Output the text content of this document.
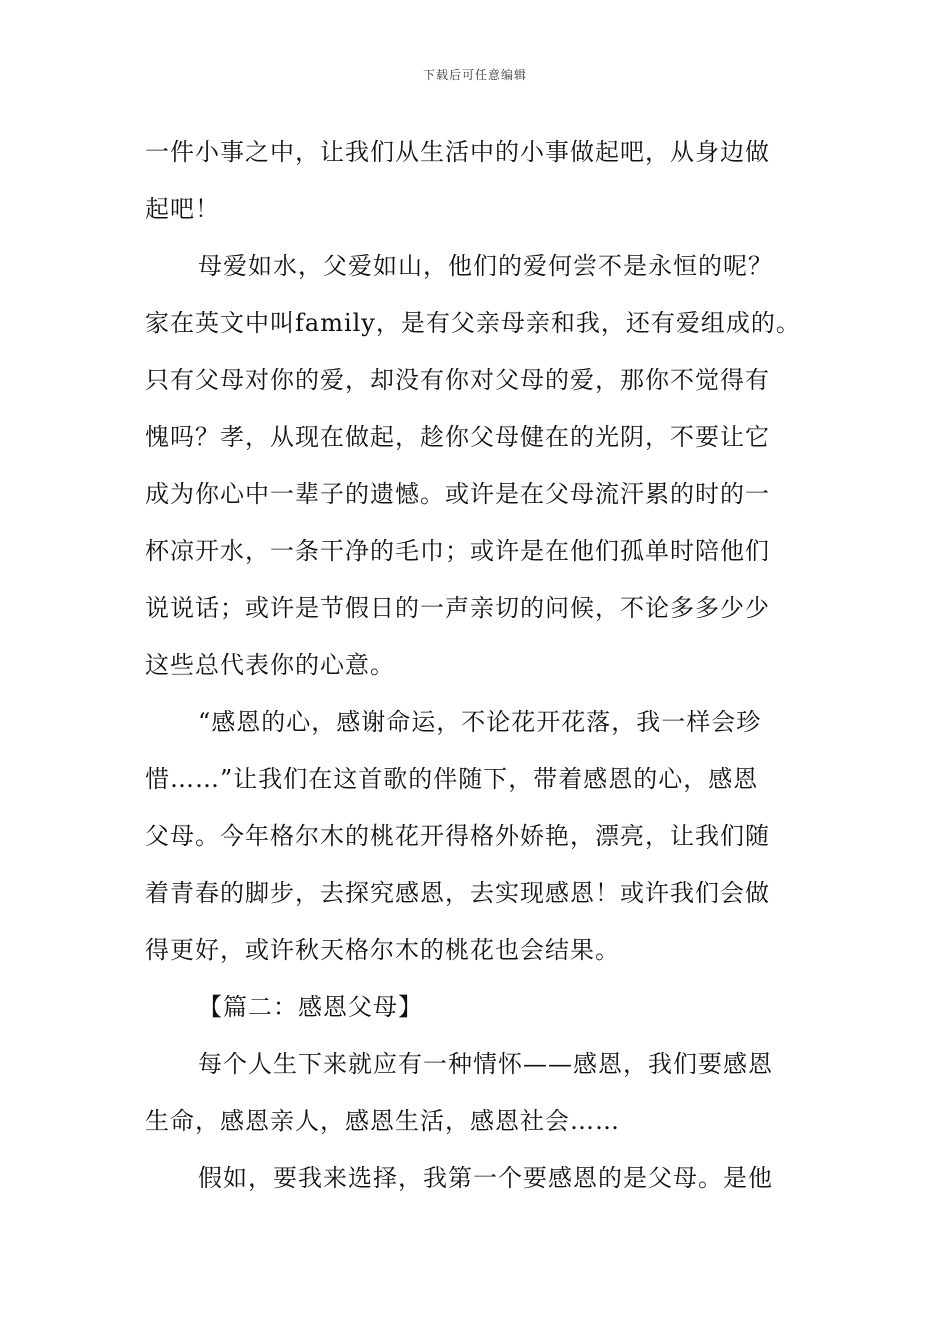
下载后可任意编辑
一件小事之中，让我们从生活中的小事做起吧，从身边做
起吧！
母爱如水，父爱如山，他们的爱何尝不是永恒的呢？
家在英文中叫family，是有父亲母亲和我，还有爱组成的。
只有父母对你的爱，却没有你对父母的爱，那你不觉得有
愧吗？孝，从现在做起，趁你父母健在的光阴，不要让它
成为你心中一辈子的遗憾。或许是在父母流汗累的时的一
杯凉开水，一条干净的毛巾；或许是在他们孤单时陪他们
说说话；或许是节假日的一声亲切的问候，不论多多少少
这些总代表你的心意。
“感恩的心，感谢命运，不论花开花落，我一样会珍
惜……”让我们在这首歌的伴随下，带着感恩的心，感恩
父母。今年格尔木的桃花开得格外娇艳，漂亮，让我们随
着青春的脚步，去探究感恩，去实现感恩！或许我们会做
得更好，或许秋天格尔木的桃花也会结果。
【篇二：感恩父母】
每个人生下来就应有一种情怀——感恩，我们要感恩
生命，感恩亲人，感恩生活，感恩社会……
假如，要我来选择，我第一个要感恩的是父母。是他
